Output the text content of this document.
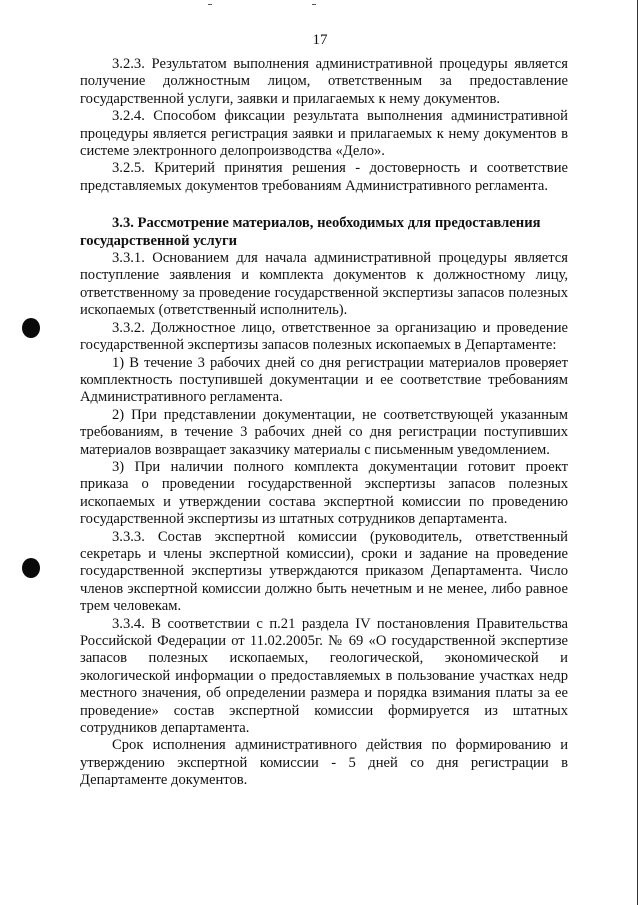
17

3.2.3. Результатом выполнения административной процедуры является получение должностным лицом, ответственным за предоставление государственной услуги, заявки и прилагаемых к нему документов.

3.2.4. Способом фиксации результата выполнения административной процедуры является регистрация заявки и прилагаемых к нему документов в системе электронного делопроизводства «Дело».

3.2.5. Критерий принятия решения - достоверность и соответствие представляемых документов требованиям Административного регламента.

3.3. Рассмотрение материалов, необходимых для предоставления государственной услуги

3.3.1. Основанием для начала административной процедуры является поступление заявления и комплекта документов к должностному лицу, ответственному за проведение государственной экспертизы запасов полезных ископаемых (ответственный исполнитель).

3.3.2. Должностное лицо, ответственное за организацию и проведение государственной экспертизы запасов полезных ископаемых в Департаменте:

1) В течение 3 рабочих дней со дня регистрации материалов проверяет комплектность поступившей документации и ее соответствие требованиям Административного регламента.

2) При представлении документации, не соответствующей указанным требованиям, в течение 3 рабочих дней со дня регистрации поступивших материалов возвращает заказчику материалы с письменным уведомлением.

3) При наличии полного комплекта документации готовит проект приказа о проведении государственной экспертизы запасов полезных ископаемых и утверждении состава экспертной комиссии по проведению государственной экспертизы из штатных сотрудников департамента.

3.3.3. Состав экспертной комиссии (руководитель, ответственный секретарь и члены экспертной комиссии), сроки и задание на проведение государственной экспертизы утверждаются приказом Департамента. Число членов экспертной комиссии должно быть нечетным и не менее, либо равное трем человекам.

3.3.4. В соответствии с п.21 раздела IV постановления Правительства Российской Федерации от 11.02.2005г. № 69 «О государственной экспертизе запасов полезных ископаемых, геологической, экономической и экологической информации о предоставляемых в пользование участках недр местного значения, об определении размера и порядка взимания платы за ее проведение» состав экспертной комиссии формируется из штатных сотрудников департамента.

Срок исполнения административного действия по формированию и утверждению экспертной комиссии - 5 дней со дня регистрации в Департаменте документов.
